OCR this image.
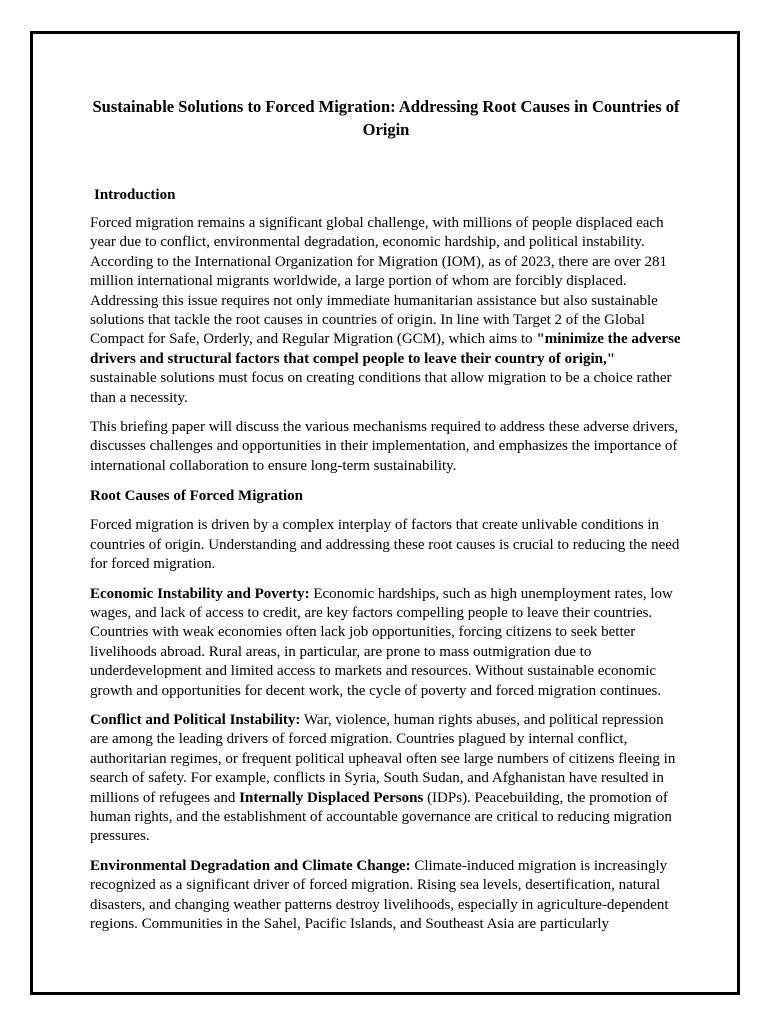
Sustainable Solutions to Forced Migration: Addressing Root Causes in Countries of Origin
Introduction

Forced migration remains a significant global challenge, with millions of people displaced each year due to conflict, environmental degradation, economic hardship, and political instability. According to the International Organization for Migration (IOM), as of 2023, there are over 281 million international migrants worldwide, a large portion of whom are forcibly displaced. Addressing this issue requires not only immediate humanitarian assistance but also sustainable solutions that tackle the root causes in countries of origin. In line with Target 2 of the Global Compact for Safe, Orderly, and Regular Migration (GCM), which aims to "minimize the adverse drivers and structural factors that compel people to leave their country of origin," sustainable solutions must focus on creating conditions that allow migration to be a choice rather than a necessity.

This briefing paper will discuss the various mechanisms required to address these adverse drivers, discusses challenges and opportunities in their implementation, and emphasizes the importance of international collaboration to ensure long-term sustainability.

Root Causes of Forced Migration

Forced migration is driven by a complex interplay of factors that create unlivable conditions in countries of origin. Understanding and addressing these root causes is crucial to reducing the need for forced migration.

Economic Instability and Poverty: Economic hardships, such as high unemployment rates, low wages, and lack of access to credit, are key factors compelling people to leave their countries. Countries with weak economies often lack job opportunities, forcing citizens to seek better livelihoods abroad. Rural areas, in particular, are prone to mass outmigration due to underdevelopment and limited access to markets and resources. Without sustainable economic growth and opportunities for decent work, the cycle of poverty and forced migration continues.

Conflict and Political Instability: War, violence, human rights abuses, and political repression are among the leading drivers of forced migration. Countries plagued by internal conflict, authoritarian regimes, or frequent political upheaval often see large numbers of citizens fleeing in search of safety. For example, conflicts in Syria, South Sudan, and Afghanistan have resulted in millions of refugees and Internally Displaced Persons (IDPs). Peacebuilding, the promotion of human rights, and the establishment of accountable governance are critical to reducing migration pressures.

Environmental Degradation and Climate Change: Climate-induced migration is increasingly recognized as a significant driver of forced migration. Rising sea levels, desertification, natural disasters, and changing weather patterns destroy livelihoods, especially in agriculture-dependent regions. Communities in the Sahel, Pacific Islands, and Southeast Asia are particularly
